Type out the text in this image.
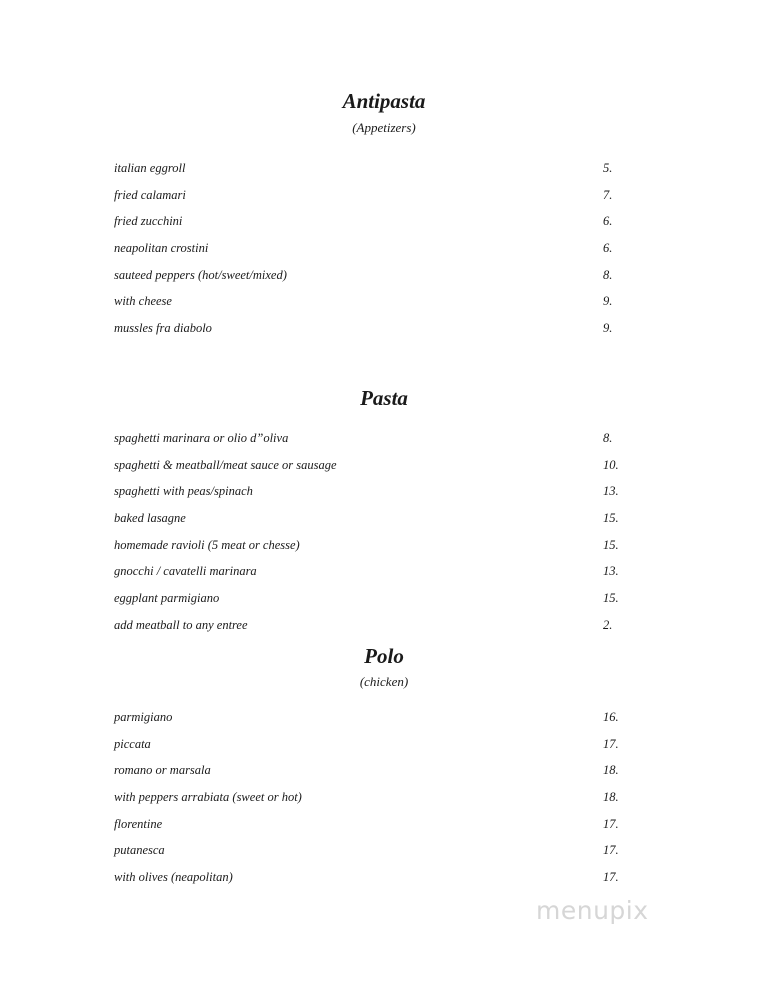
Antipasta
(Appetizers)
italian eggroll	5.
fried calamari	7.
fried zucchini	6.
neapolitan crostini	6.
sauteed peppers (hot/sweet/mixed)	8.
with cheese	9.
mussles fra diabolo	9.
Pasta
spaghetti marinara or olio d”oliva	8.
spaghetti & meatball/meat sauce or sausage	10.
spaghetti with peas/spinach	13.
baked lasagne	15.
homemade ravioli (5 meat or chesse)	15.
gnocchi / cavatelli marinara	13.
eggplant parmigiano	15.
add meatball to any entree	2.
Polo
(chicken)
parmigiano	16.
piccata	17.
romano or marsala	18.
with peppers arrabiata (sweet or hot)	18.
florentine	17.
putanesca	17.
with olives (neapolitan)	17.
menupix
